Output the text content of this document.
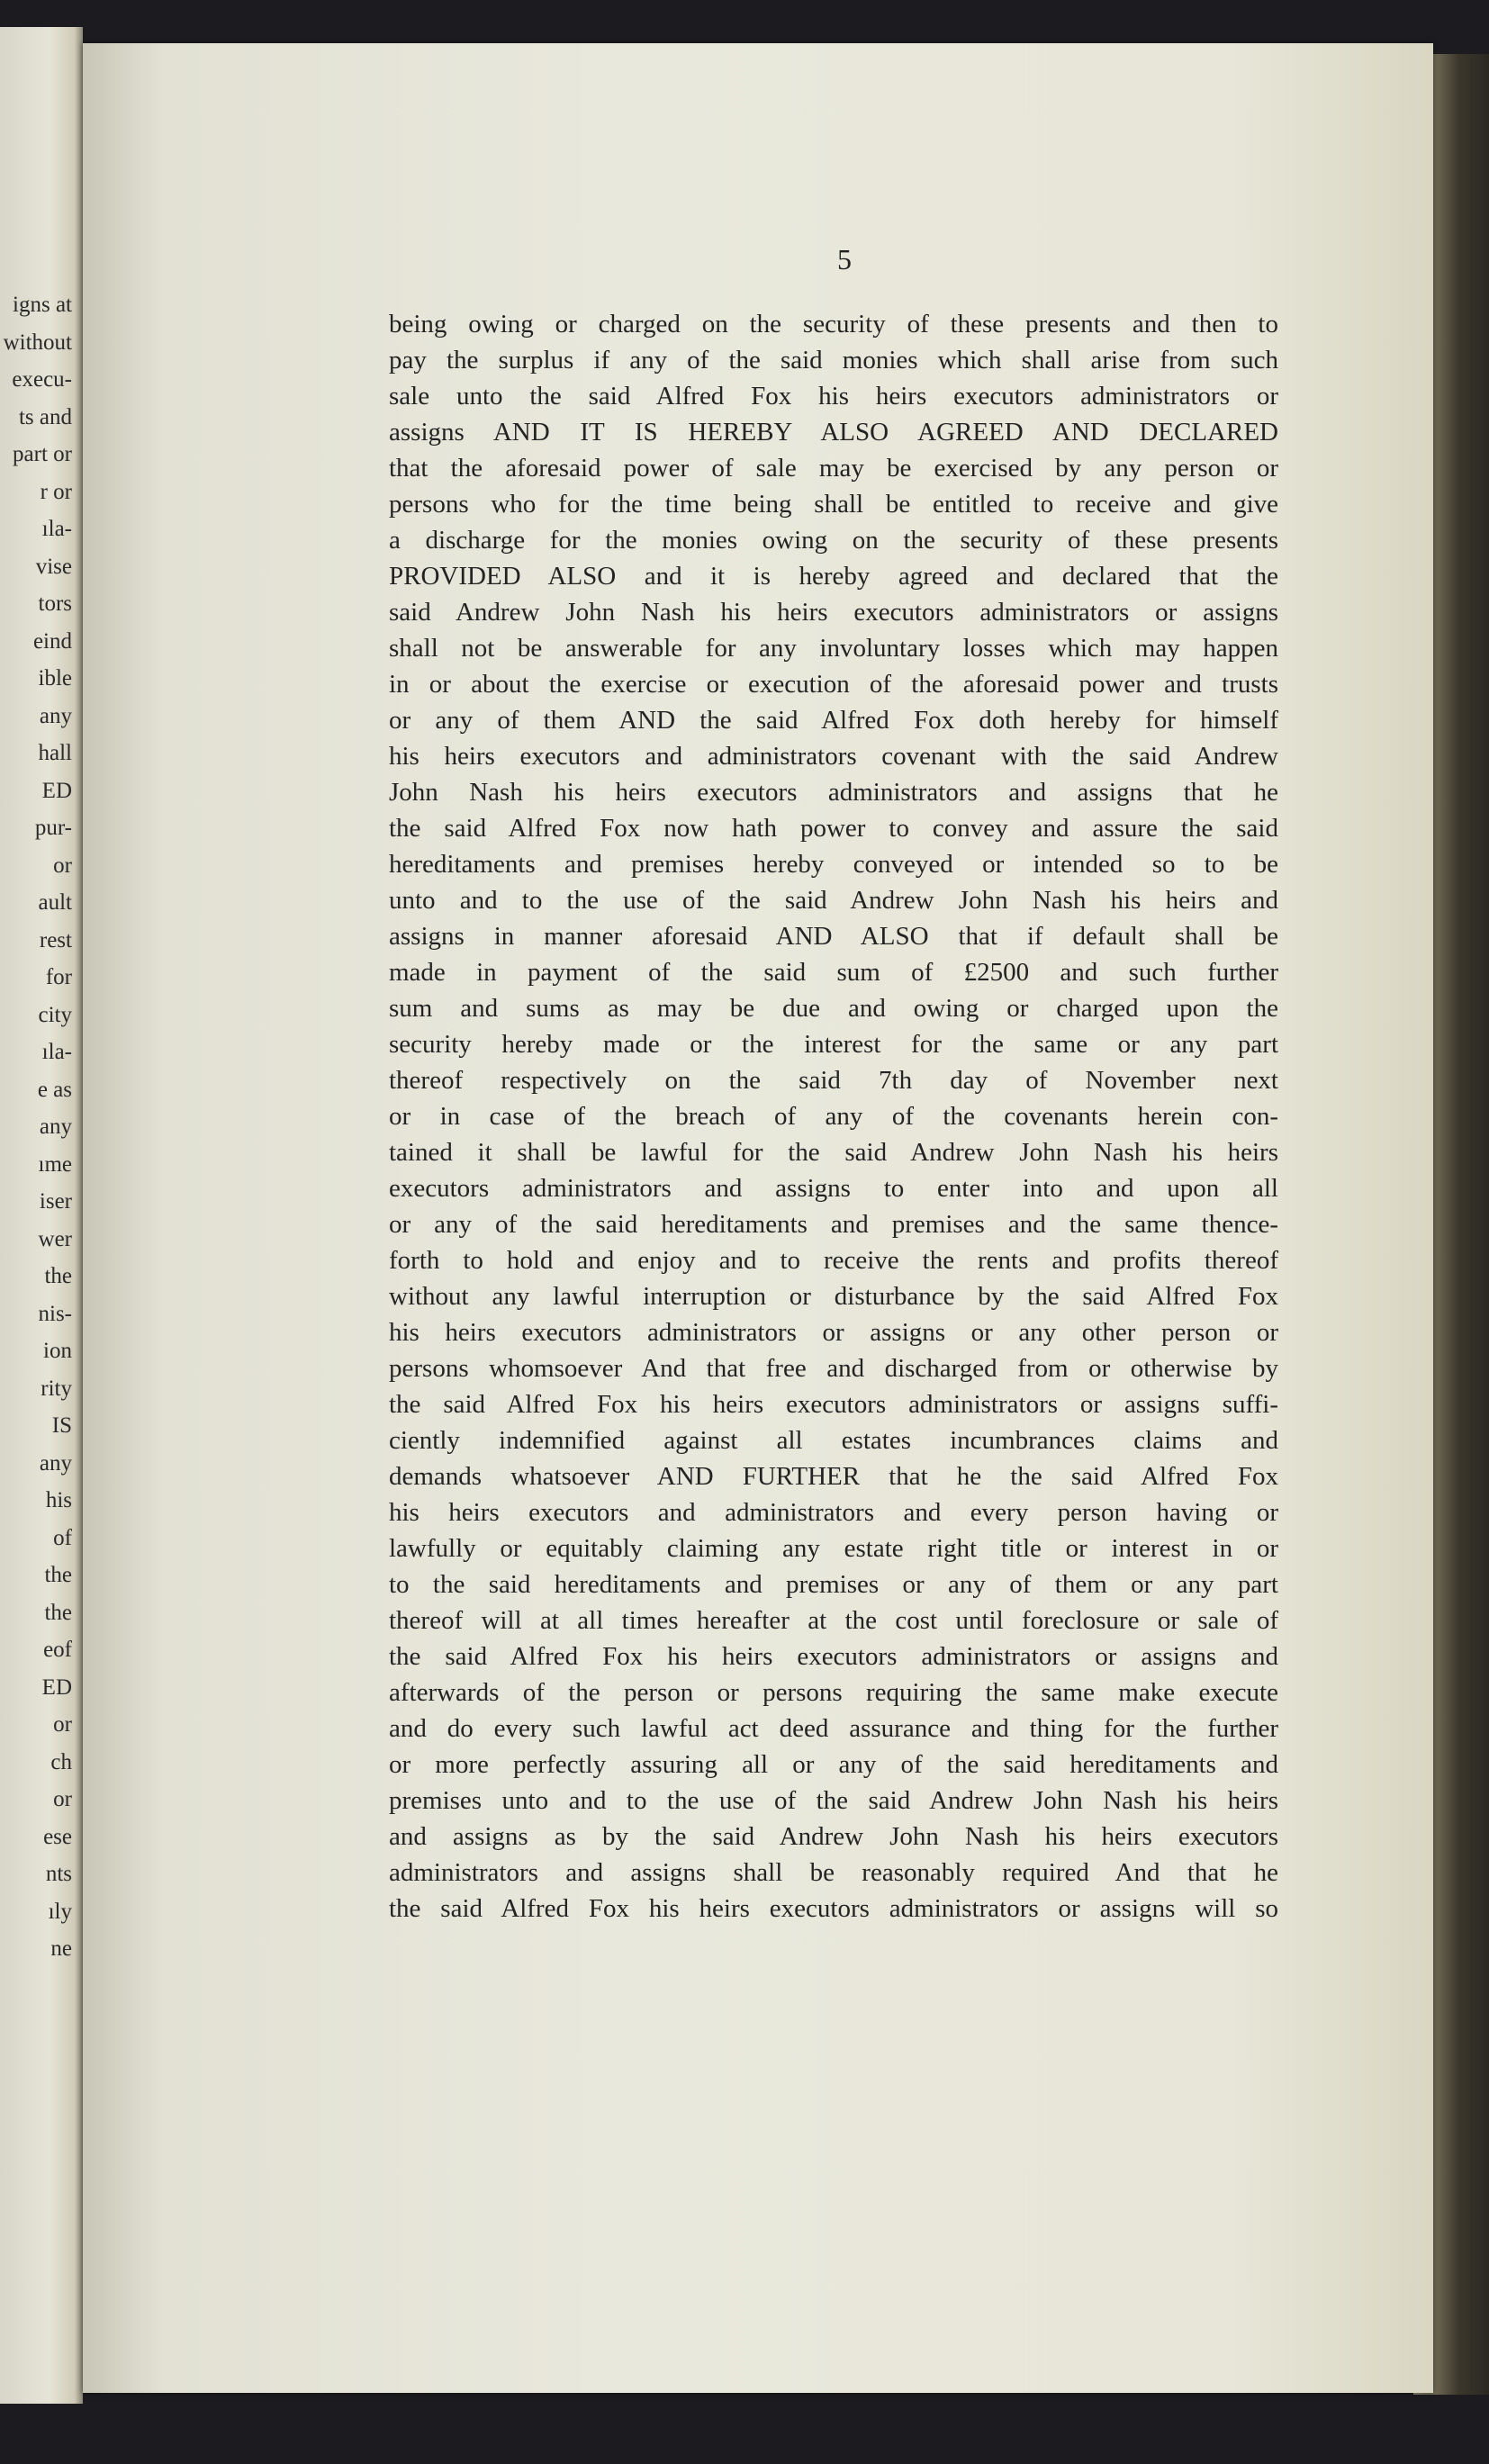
igns at
without
execu-
ts and
part or
r or
ıla-
vise
tors
eind
ible
any
hall
ED
pur-
or
ault
rest
for
city
ıla-
e as
any
ıme
iser
wer
the
nis-
ion
rity
IS
any
his
of
the
the
eof
ED
or
ch
or
ese
nts
ıly
ne
5
being owing or charged on the security of these presents and then to
pay the surplus if any of the said monies which shall arise from such
sale unto the said Alfred Fox his heirs executors administrators or
assigns AND IT IS HEREBY ALSO AGREED AND DECLARED
that the aforesaid power of sale may be exercised by any person or
persons who for the time being shall be entitled to receive and give
a discharge for the monies owing on the security of these presents
PROVIDED ALSO and it is hereby agreed and declared that the
said Andrew John Nash his heirs executors administrators or assigns
shall not be answerable for any involuntary losses which may happen
in or about the exercise or execution of the aforesaid power and trusts
or any of them AND the said Alfred Fox doth hereby for himself
his heirs executors and administrators covenant with the said Andrew
John Nash his heirs executors administrators and assigns that he
the said Alfred Fox now hath power to convey and assure the said
hereditaments and premises hereby conveyed or intended so to be
unto and to the use of the said Andrew John Nash his heirs and
assigns in manner aforesaid AND ALSO that if default shall be
made in payment of the said sum of £2500 and such further
sum and sums as may be due and owing or charged upon the
security hereby made or the interest for the same or any part
thereof respectively on the said 7th day of November next
or in case of the breach of any of the covenants herein con-
tained it shall be lawful for the said Andrew John Nash his heirs
executors administrators and assigns to enter into and upon all
or any of the said hereditaments and premises and the same thence-
forth to hold and enjoy and to receive the rents and profits thereof
without any lawful interruption or disturbance by the said Alfred Fox
his heirs executors administrators or assigns or any other person or
persons whomsoever And that free and discharged from or otherwise by
the said Alfred Fox his heirs executors administrators or assigns suffi-
ciently indemnified against all estates incumbrances claims and
demands whatsoever AND FURTHER that he the said Alfred Fox
his heirs executors and administrators and every person having or
lawfully or equitably claiming any estate right title or interest in or
to the said hereditaments and premises or any of them or any part
thereof will at all times hereafter at the cost until foreclosure or sale of
the said Alfred Fox his heirs executors administrators or assigns and
afterwards of the person or persons requiring the same make execute
and do every such lawful act deed assurance and thing for the further
or more perfectly assuring all or any of the said hereditaments and
premises unto and to the use of the said Andrew John Nash his heirs
and assigns as by the said Andrew John Nash his heirs executors
administrators and assigns shall be reasonably required And that he
the said Alfred Fox his heirs executors administrators or assigns will so
